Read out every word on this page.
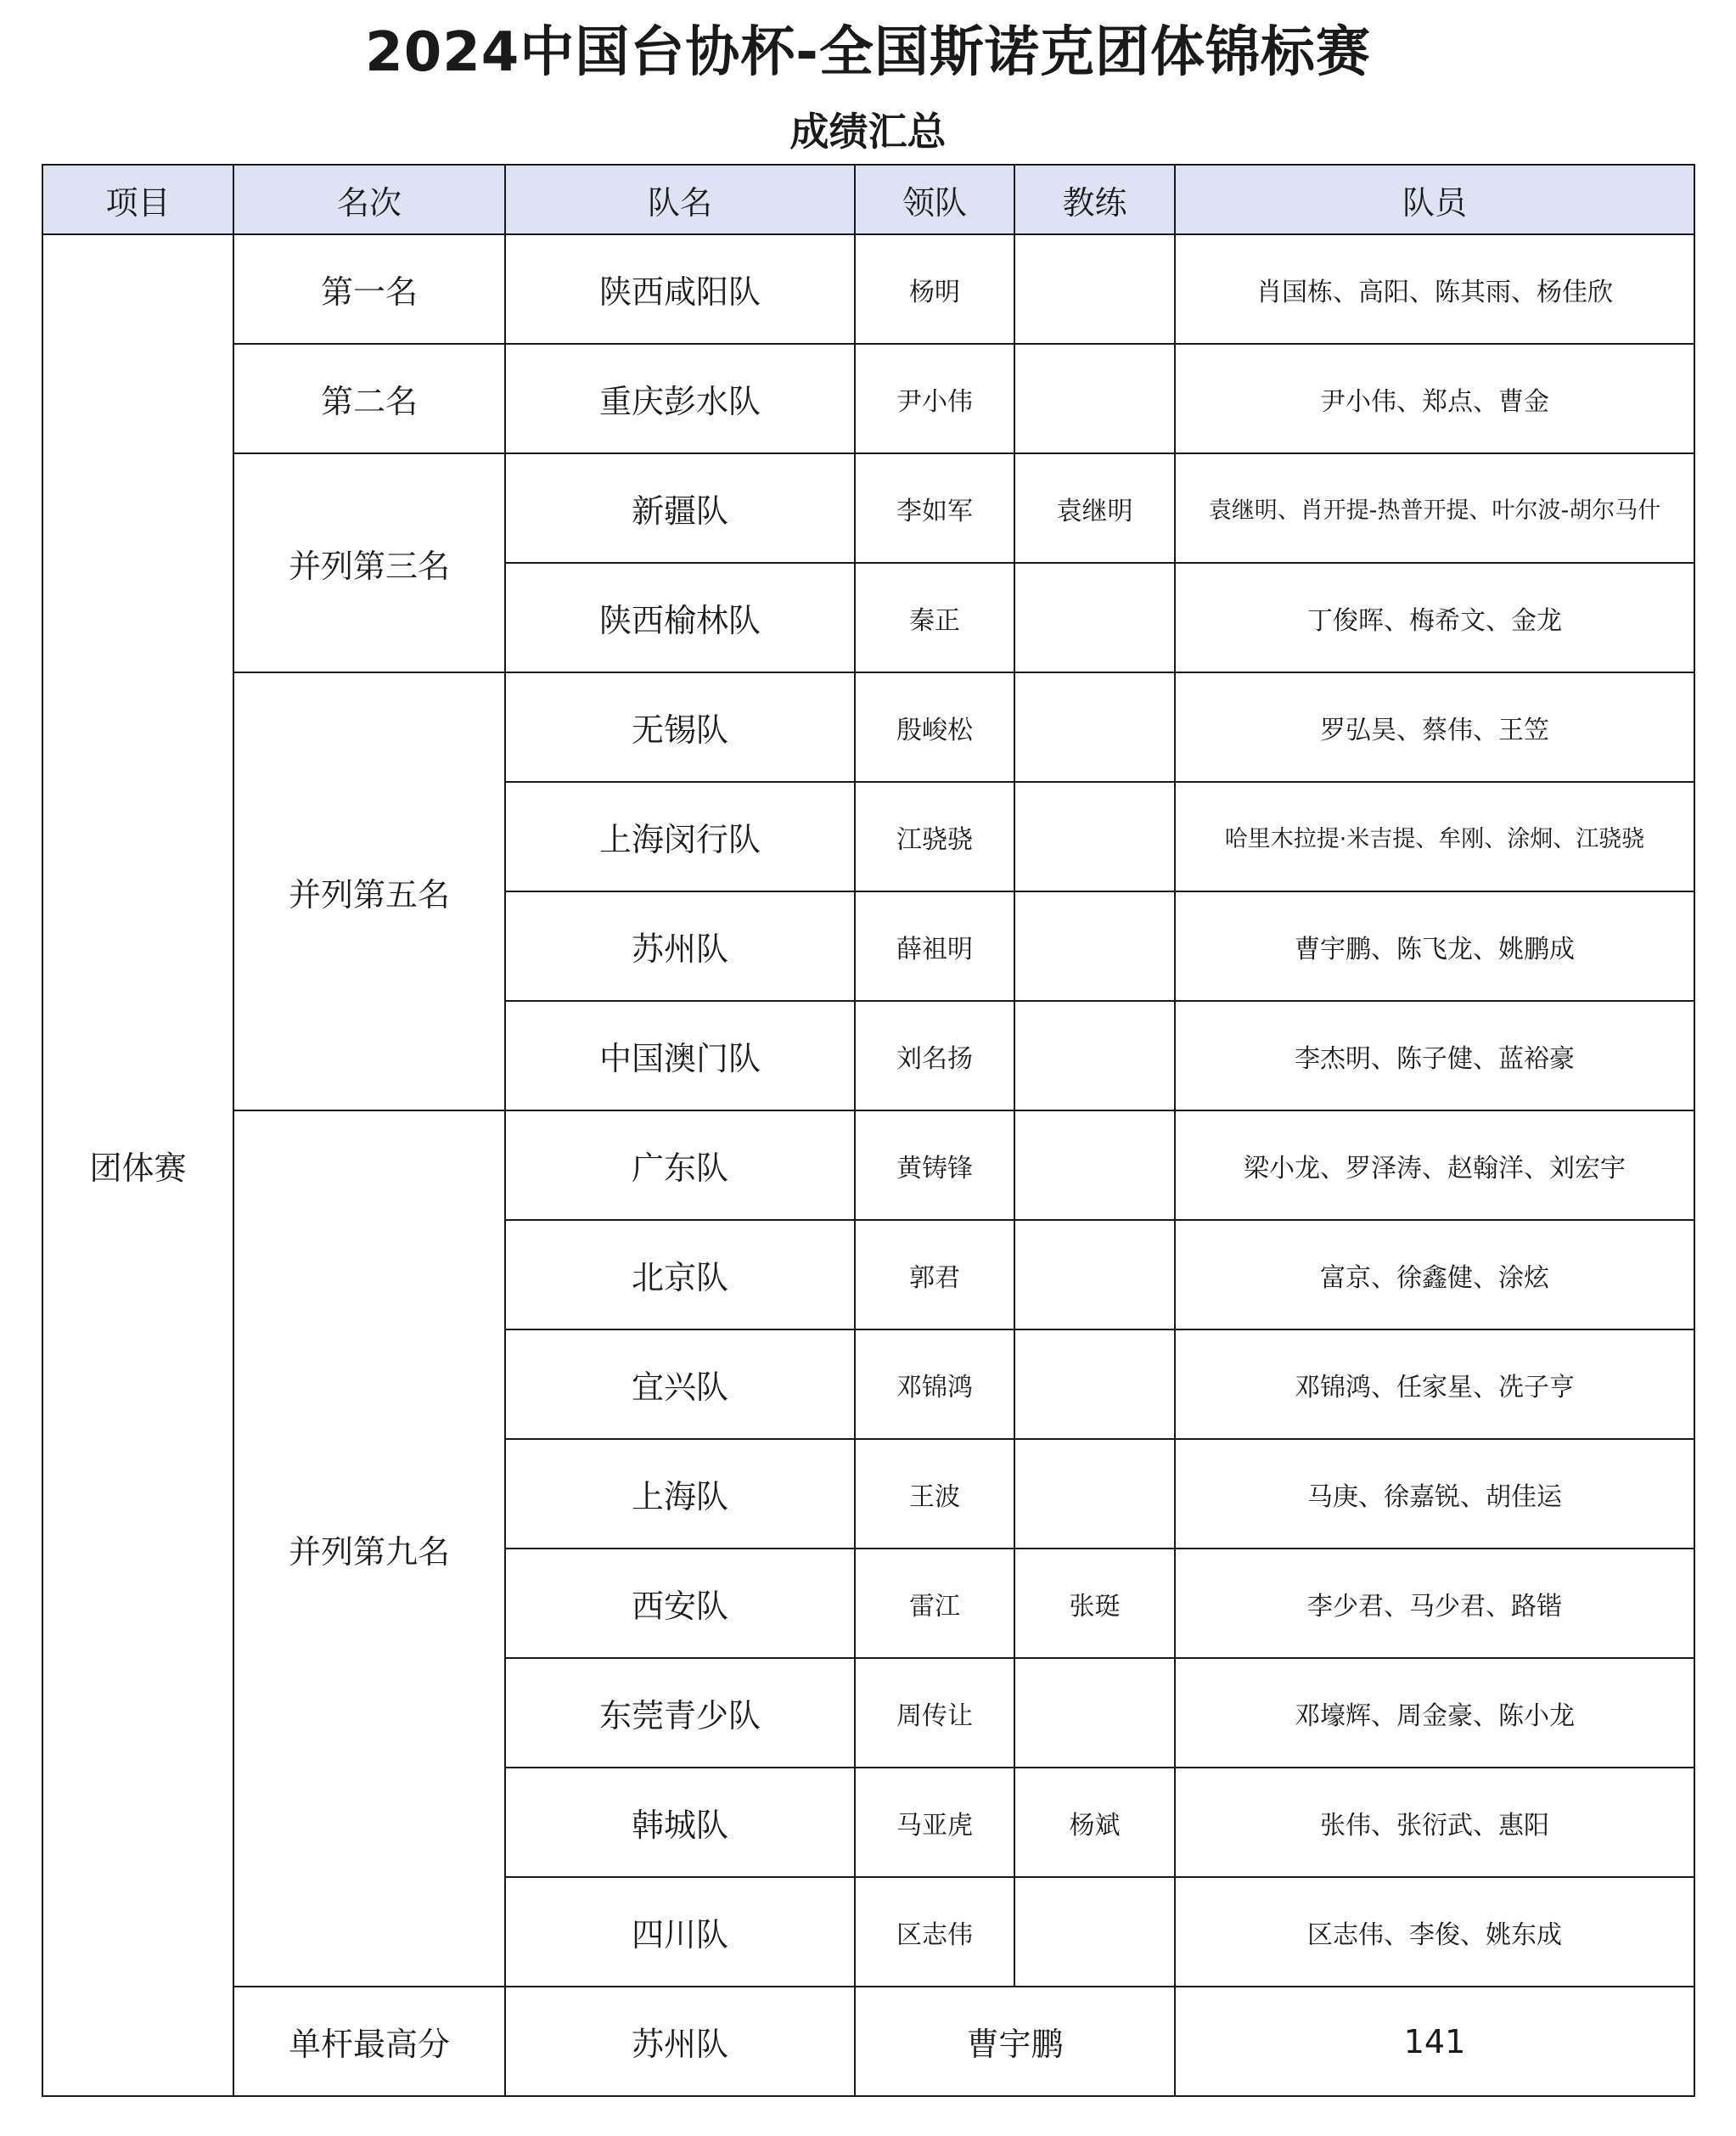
2024中国台协杯-全国斯诺克团体锦标赛
成绩汇总
项目	名次	队名	领队	教练	队员
团体赛	第一名	陕西咸阳队	杨明		肖国栋、高阳、陈其雨、杨佳欣
	第二名	重庆彭水队	尹小伟		尹小伟、郑点、曹金
	并列第三名	新疆队	李如军	袁继明	袁继明、肖开提-热普开提、叶尔波-胡尔马什
		陕西榆林队	秦正		丁俊晖、梅希文、金龙
	并列第五名	无锡队	殷峻松		罗弘昊、蔡伟、王笠
		上海闵行队	江骁骁		哈里木拉提·米吉提、牟刚、涂炯、江骁骁
		苏州队	薛祖明		曹宇鹏、陈飞龙、姚鹏成
		中国澳门队	刘名扬		李杰明、陈子健、蓝裕豪
	并列第九名	广东队	黄铸锋		梁小龙、罗泽涛、赵翰洋、刘宏宇
		北京队	郭君		富京、徐鑫健、涂炫
		宜兴队	邓锦鸿		邓锦鸿、任家星、冼子亨
		上海队	王波		马庚、徐嘉锐、胡佳运
		西安队	雷江	张珽	李少君、马少君、路锴
		东莞青少队	周传让		邓壕辉、周金豪、陈小龙
		韩城队	马亚虎	杨斌	张伟、张衍武、惠阳
		四川队	区志伟		区志伟、李俊、姚东成
	单杆最高分	苏州队	曹宇鹏		141
